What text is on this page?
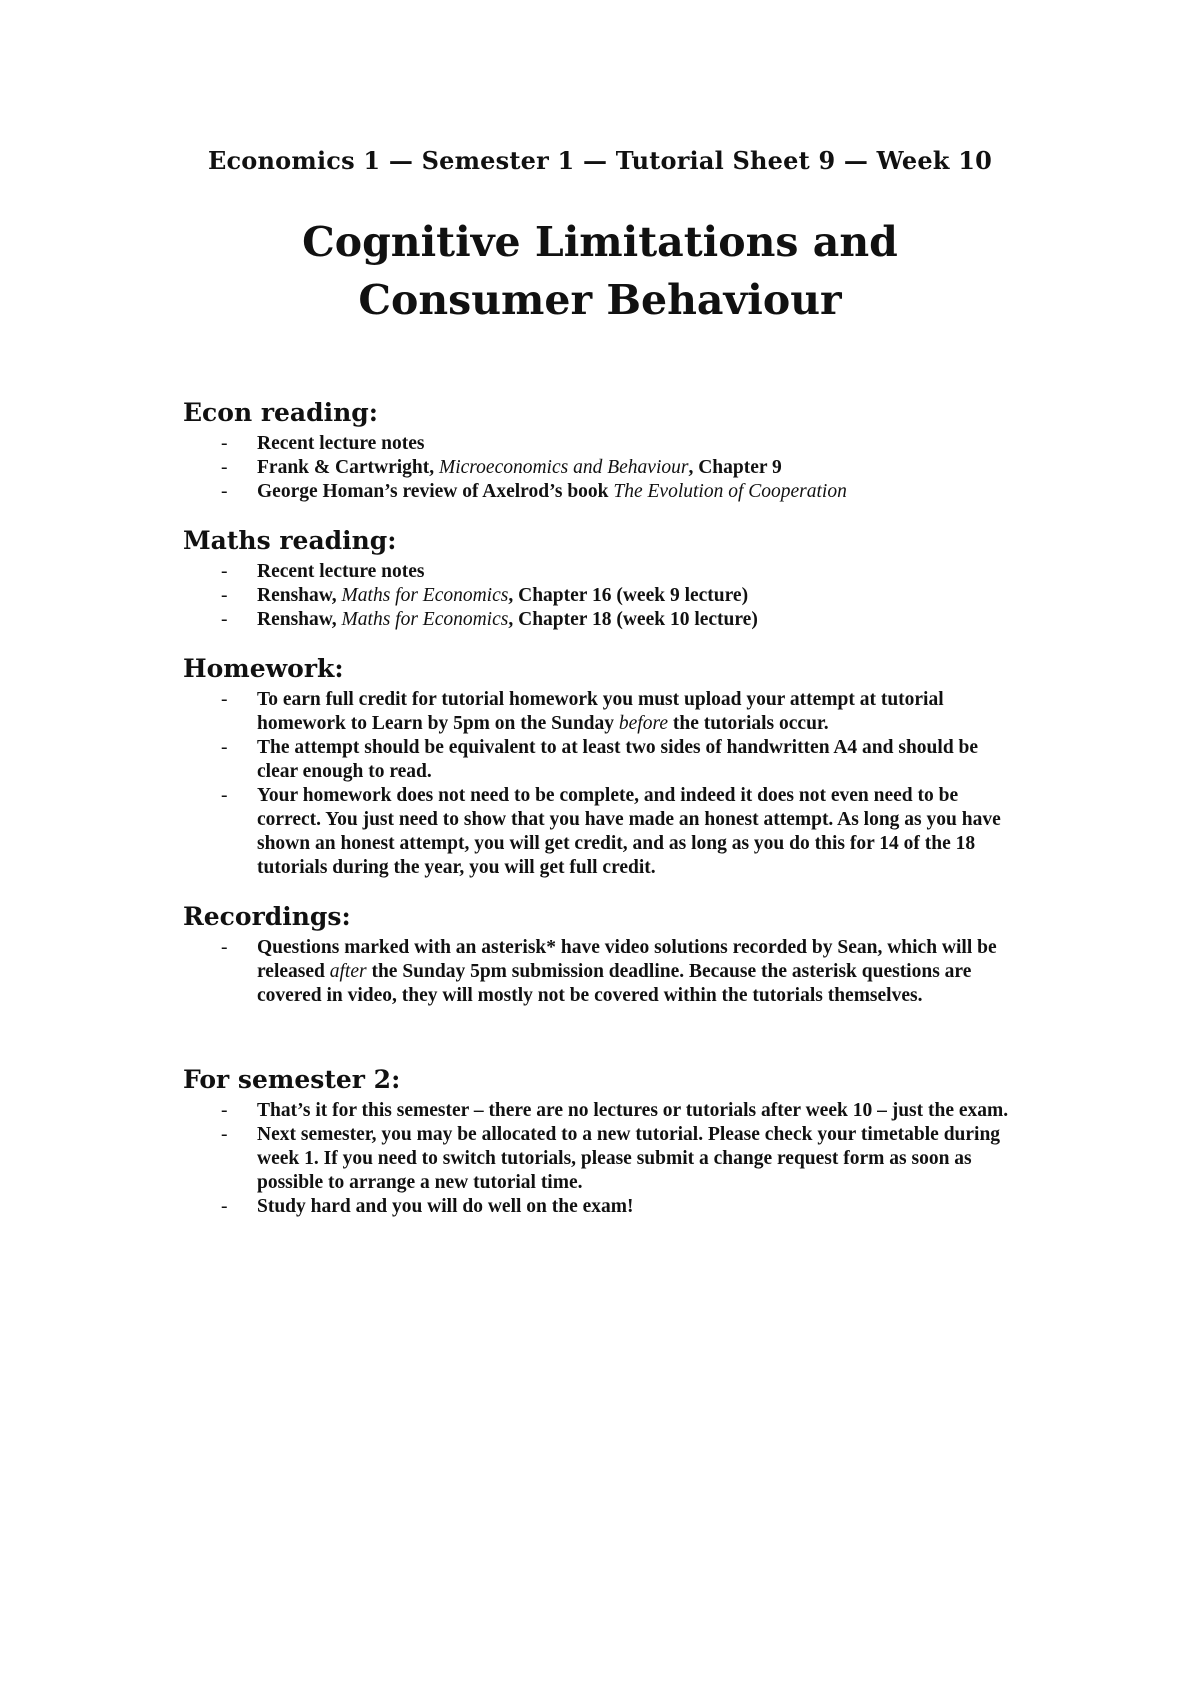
Economics 1 — Semester 1 — Tutorial Sheet 9 — Week 10
Cognitive Limitations and
Consumer Behaviour
Econ reading:
- Recent lecture notes
- Frank & Cartwright, Microeconomics and Behaviour, Chapter 9
- George Homan’s review of Axelrod’s book The Evolution of Cooperation
Maths reading:
- Recent lecture notes
- Renshaw, Maths for Economics, Chapter 16 (week 9 lecture)
- Renshaw, Maths for Economics, Chapter 18 (week 10 lecture)
Homework:
- To earn full credit for tutorial homework you must upload your attempt at tutorial homework to Learn by 5pm on the Sunday before the tutorials occur.
- The attempt should be equivalent to at least two sides of handwritten A4 and should be clear enough to read.
- Your homework does not need to be complete, and indeed it does not even need to be correct. You just need to show that you have made an honest attempt. As long as you have shown an honest attempt, you will get credit, and as long as you do this for 14 of the 18 tutorials during the year, you will get full credit.
Recordings:
- Questions marked with an asterisk* have video solutions recorded by Sean, which will be released after the Sunday 5pm submission deadline. Because the asterisk questions are covered in video, they will mostly not be covered within the tutorials themselves.
For semester 2:
- That’s it for this semester – there are no lectures or tutorials after week 10 – just the exam.
- Next semester, you may be allocated to a new tutorial. Please check your timetable during week 1. If you need to switch tutorials, please submit a change request form as soon as possible to arrange a new tutorial time.
- Study hard and you will do well on the exam!
